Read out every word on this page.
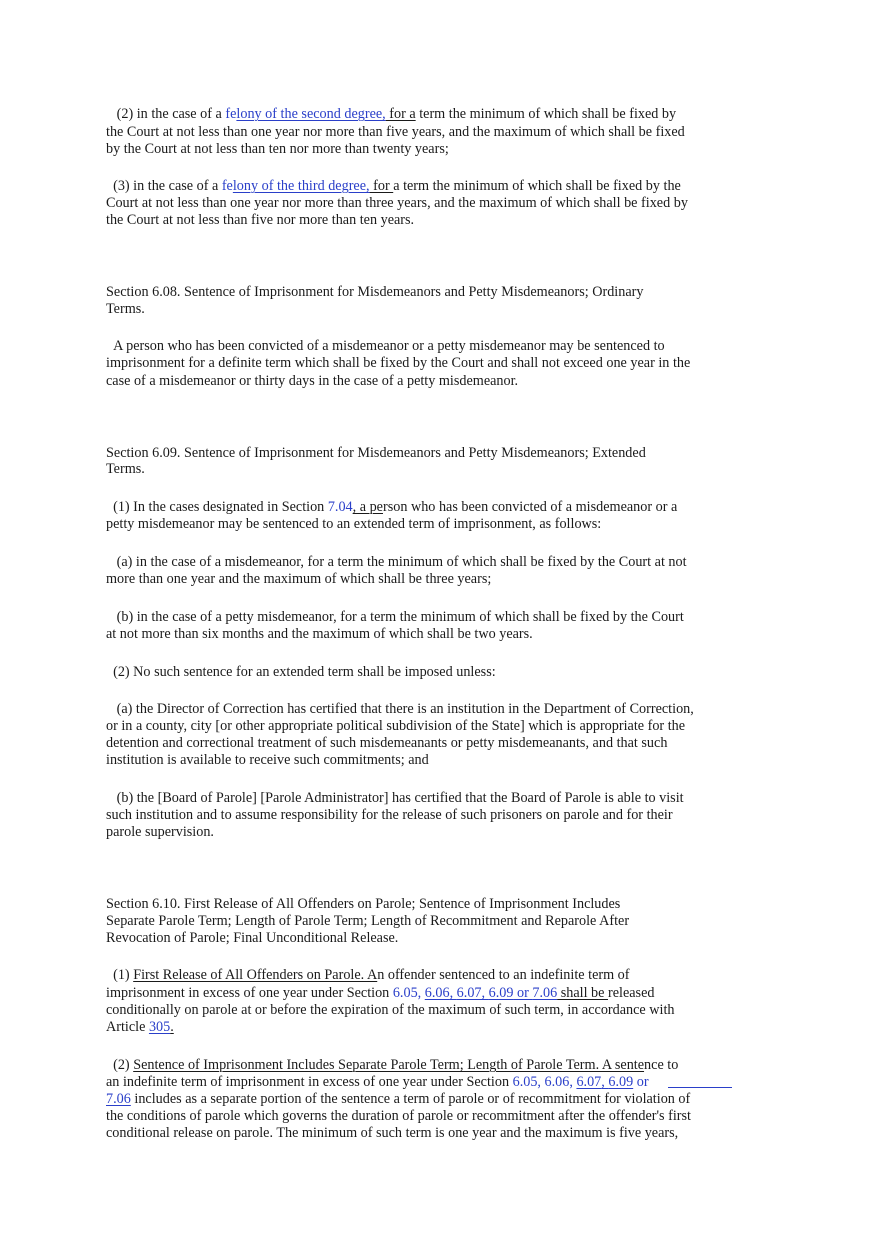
(2) in the case of a felony of the second degree, for a term the minimum of which shall be fixed by
the Court at not less than one year nor more than five years, and the maximum of which shall be fixed
by the Court at not less than ten nor more than twenty years;
(3) in the case of a felony of the third degree, for a term the minimum of which shall be fixed by the
Court at not less than one year nor more than three years, and the maximum of which shall be fixed by
the Court at not less than five nor more than ten years.
Section 6.08. Sentence of Imprisonment for Misdemeanors and Petty Misdemeanors; Ordinary
Terms.
A person who has been convicted of a misdemeanor or a petty misdemeanor may be sentenced to
imprisonment for a definite term which shall be fixed by the Court and shall not exceed one year in the
case of a misdemeanor or thirty days in the case of a petty misdemeanor.
Section 6.09. Sentence of Imprisonment for Misdemeanors and Petty Misdemeanors; Extended
Terms.
(1) In the cases designated in Section 7.04, a person who has been convicted of a misdemeanor or a
petty misdemeanor may be sentenced to an extended term of imprisonment, as follows:
(a) in the case of a misdemeanor, for a term the minimum of which shall be fixed by the Court at not
more than one year and the maximum of which shall be three years;
(b) in the case of a petty misdemeanor, for a term the minimum of which shall be fixed by the Court
at not more than six months and the maximum of which shall be two years.
(2) No such sentence for an extended term shall be imposed unless:
(a) the Director of Correction has certified that there is an institution in the Department of Correction,
or in a county, city [or other appropriate political subdivision of the State] which is appropriate for the
detention and correctional treatment of such misdemeanants or petty misdemeanants, and that such
institution is available to receive such commitments; and
(b) the [Board of Parole] [Parole Administrator] has certified that the Board of Parole is able to visit
such institution and to assume responsibility for the release of such prisoners on parole and for their
parole supervision.
Section 6.10. First Release of All Offenders on Parole; Sentence of Imprisonment Includes
Separate Parole Term; Length of Parole Term; Length of Recommitment and Reparole After
Revocation of Parole; Final Unconditional Release.
(1) First Release of All Offenders on Parole. An offender sentenced to an indefinite term of
imprisonment in excess of one year under Section 6.05, 6.06, 6.07, 6.09 or 7.06 shall be released
conditionally on parole at or before the expiration of the maximum of such term, in accordance with
Article 305.
(2) Sentence of Imprisonment Includes Separate Parole Term; Length of Parole Term. A sentence to
an indefinite term of imprisonment in excess of one year under Section 6.05, 6.06, 6.07, 6.09 or
7.06 includes as a separate portion of the sentence a term of parole or of recommitment for violation of
the conditions of parole which governs the duration of parole or recommitment after the offender's first
conditional release on parole. The minimum of such term is one year and the maximum is five years,
